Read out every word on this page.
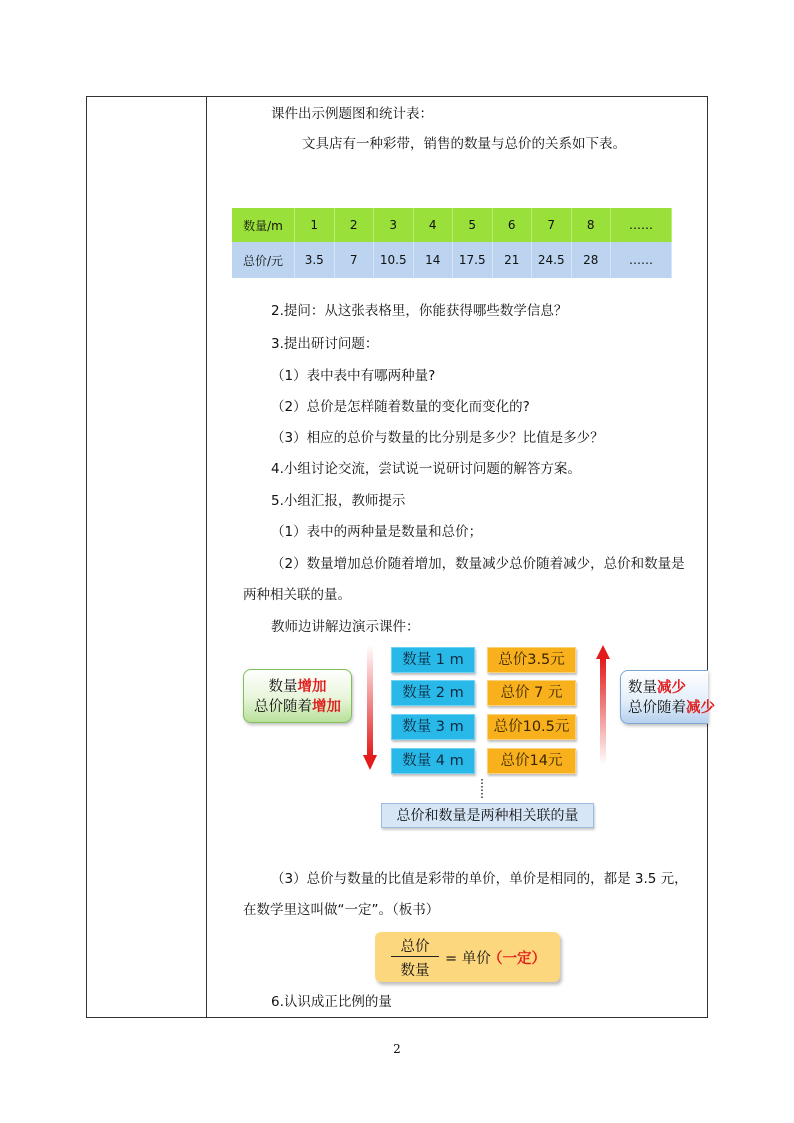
课件出示例题图和统计表：
文具店有一种彩带，销售的数量与总价的关系如下表。
数量/m	1	2	3	4	5	6	7	8	……
总价/元	3.5	7	10.5	14	17.5	21	24.5	28	……
2.提问：从这张表格里，你能获得哪些数学信息？
3.提出研讨问题：
（1）表中表中有哪两种量?
（2）总价是怎样随着数量的变化而变化的?
（3）相应的总价与数量的比分别是多少？比值是多少？
4.小组讨论交流，尝试说一说研讨问题的解答方案。
5.小组汇报，教师提示
（1）表中的两种量是数量和总价；
（2）数量增加总价随着增加，数量减少总价随着减少，总价和数量是
两种相关联的量。
教师边讲解边演示课件：
数量增加
总价随着增加
数量 1 m
数量 2 m
数量 3 m
数量 4 m
总价3.5元
总价 7 元
总价10.5元
总价14元
数量减少
总价随着减少
总价和数量是两种相关联的量
（3）总价与数量的比值是彩带的单价，单价是相同的，都是 3.5 元，
在数学里这叫做“一定”。（板书）
总价
数量
= 单价
（一定）
6.认识成正比例的量
2
